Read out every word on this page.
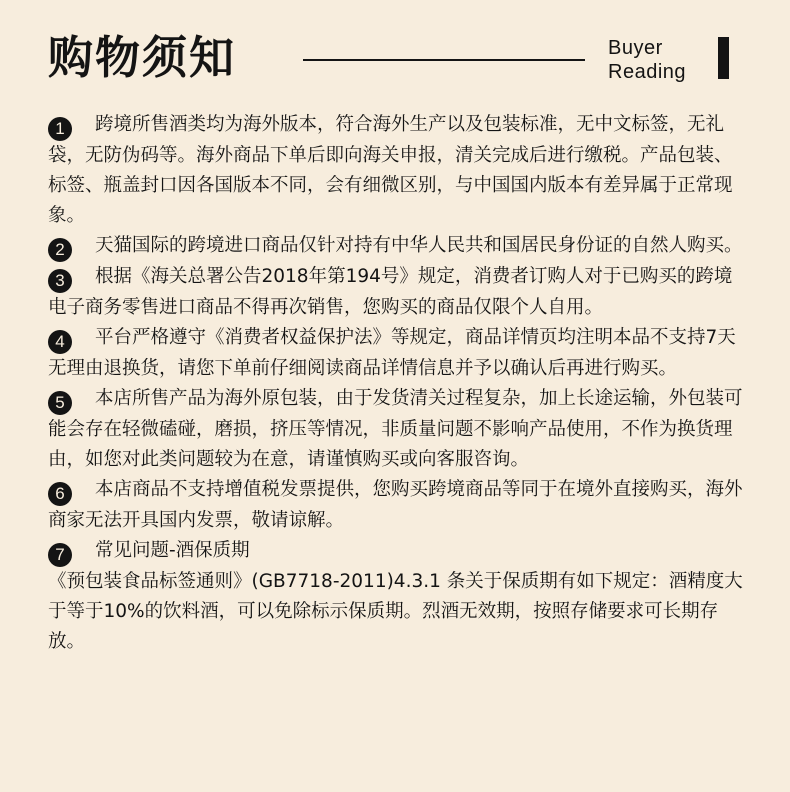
购物须知	Buyer
Reading

1 跨境所售酒类均为海外版本，符合海外生产以及包装标准，无中文标签，无礼袋，无防伪码等。海外商品下单后即向海关申报，清关完成后进行缴税。产品包装、标签、瓶盖封口因各国版本不同，会有细微区别，与中国国内版本有差异属于正常现象。

2 天猫国际的跨境进口商品仅针对持有中华人民共和国居民身份证的自然人购买。

3 根据《海关总署公告2018年第194号》规定，消费者订购人对于已购买的跨境电子商务零售进口商品不得再次销售，您购买的商品仅限个人自用。

4 平台严格遵守《消费者权益保护法》等规定，商品详情页均注明本品不支持7天无理由退换货，请您下单前仔细阅读商品详情信息并予以确认后再进行购买。

5 本店所售产品为海外原包装，由于发货清关过程复杂，加上长途运输，外包装可能会存在轻微磕碰，磨损，挤压等情况，非质量问题不影响产品使用，不作为换货理由，如您对此类问题较为在意，请谨慎购买或向客服咨询。

6 本店商品不支持增值税发票提供，您购买跨境商品等同于在境外直接购买，海外商家无法开具国内发票，敬请谅解。

7 常见问题-酒保质期

《预包装食品标签通则》(GB7718-2011)4.3.1 条关于保质期有如下规定：酒精度大于等于10%的饮料酒，可以免除标示保质期。烈酒无效期，按照存储要求可长期存放。
